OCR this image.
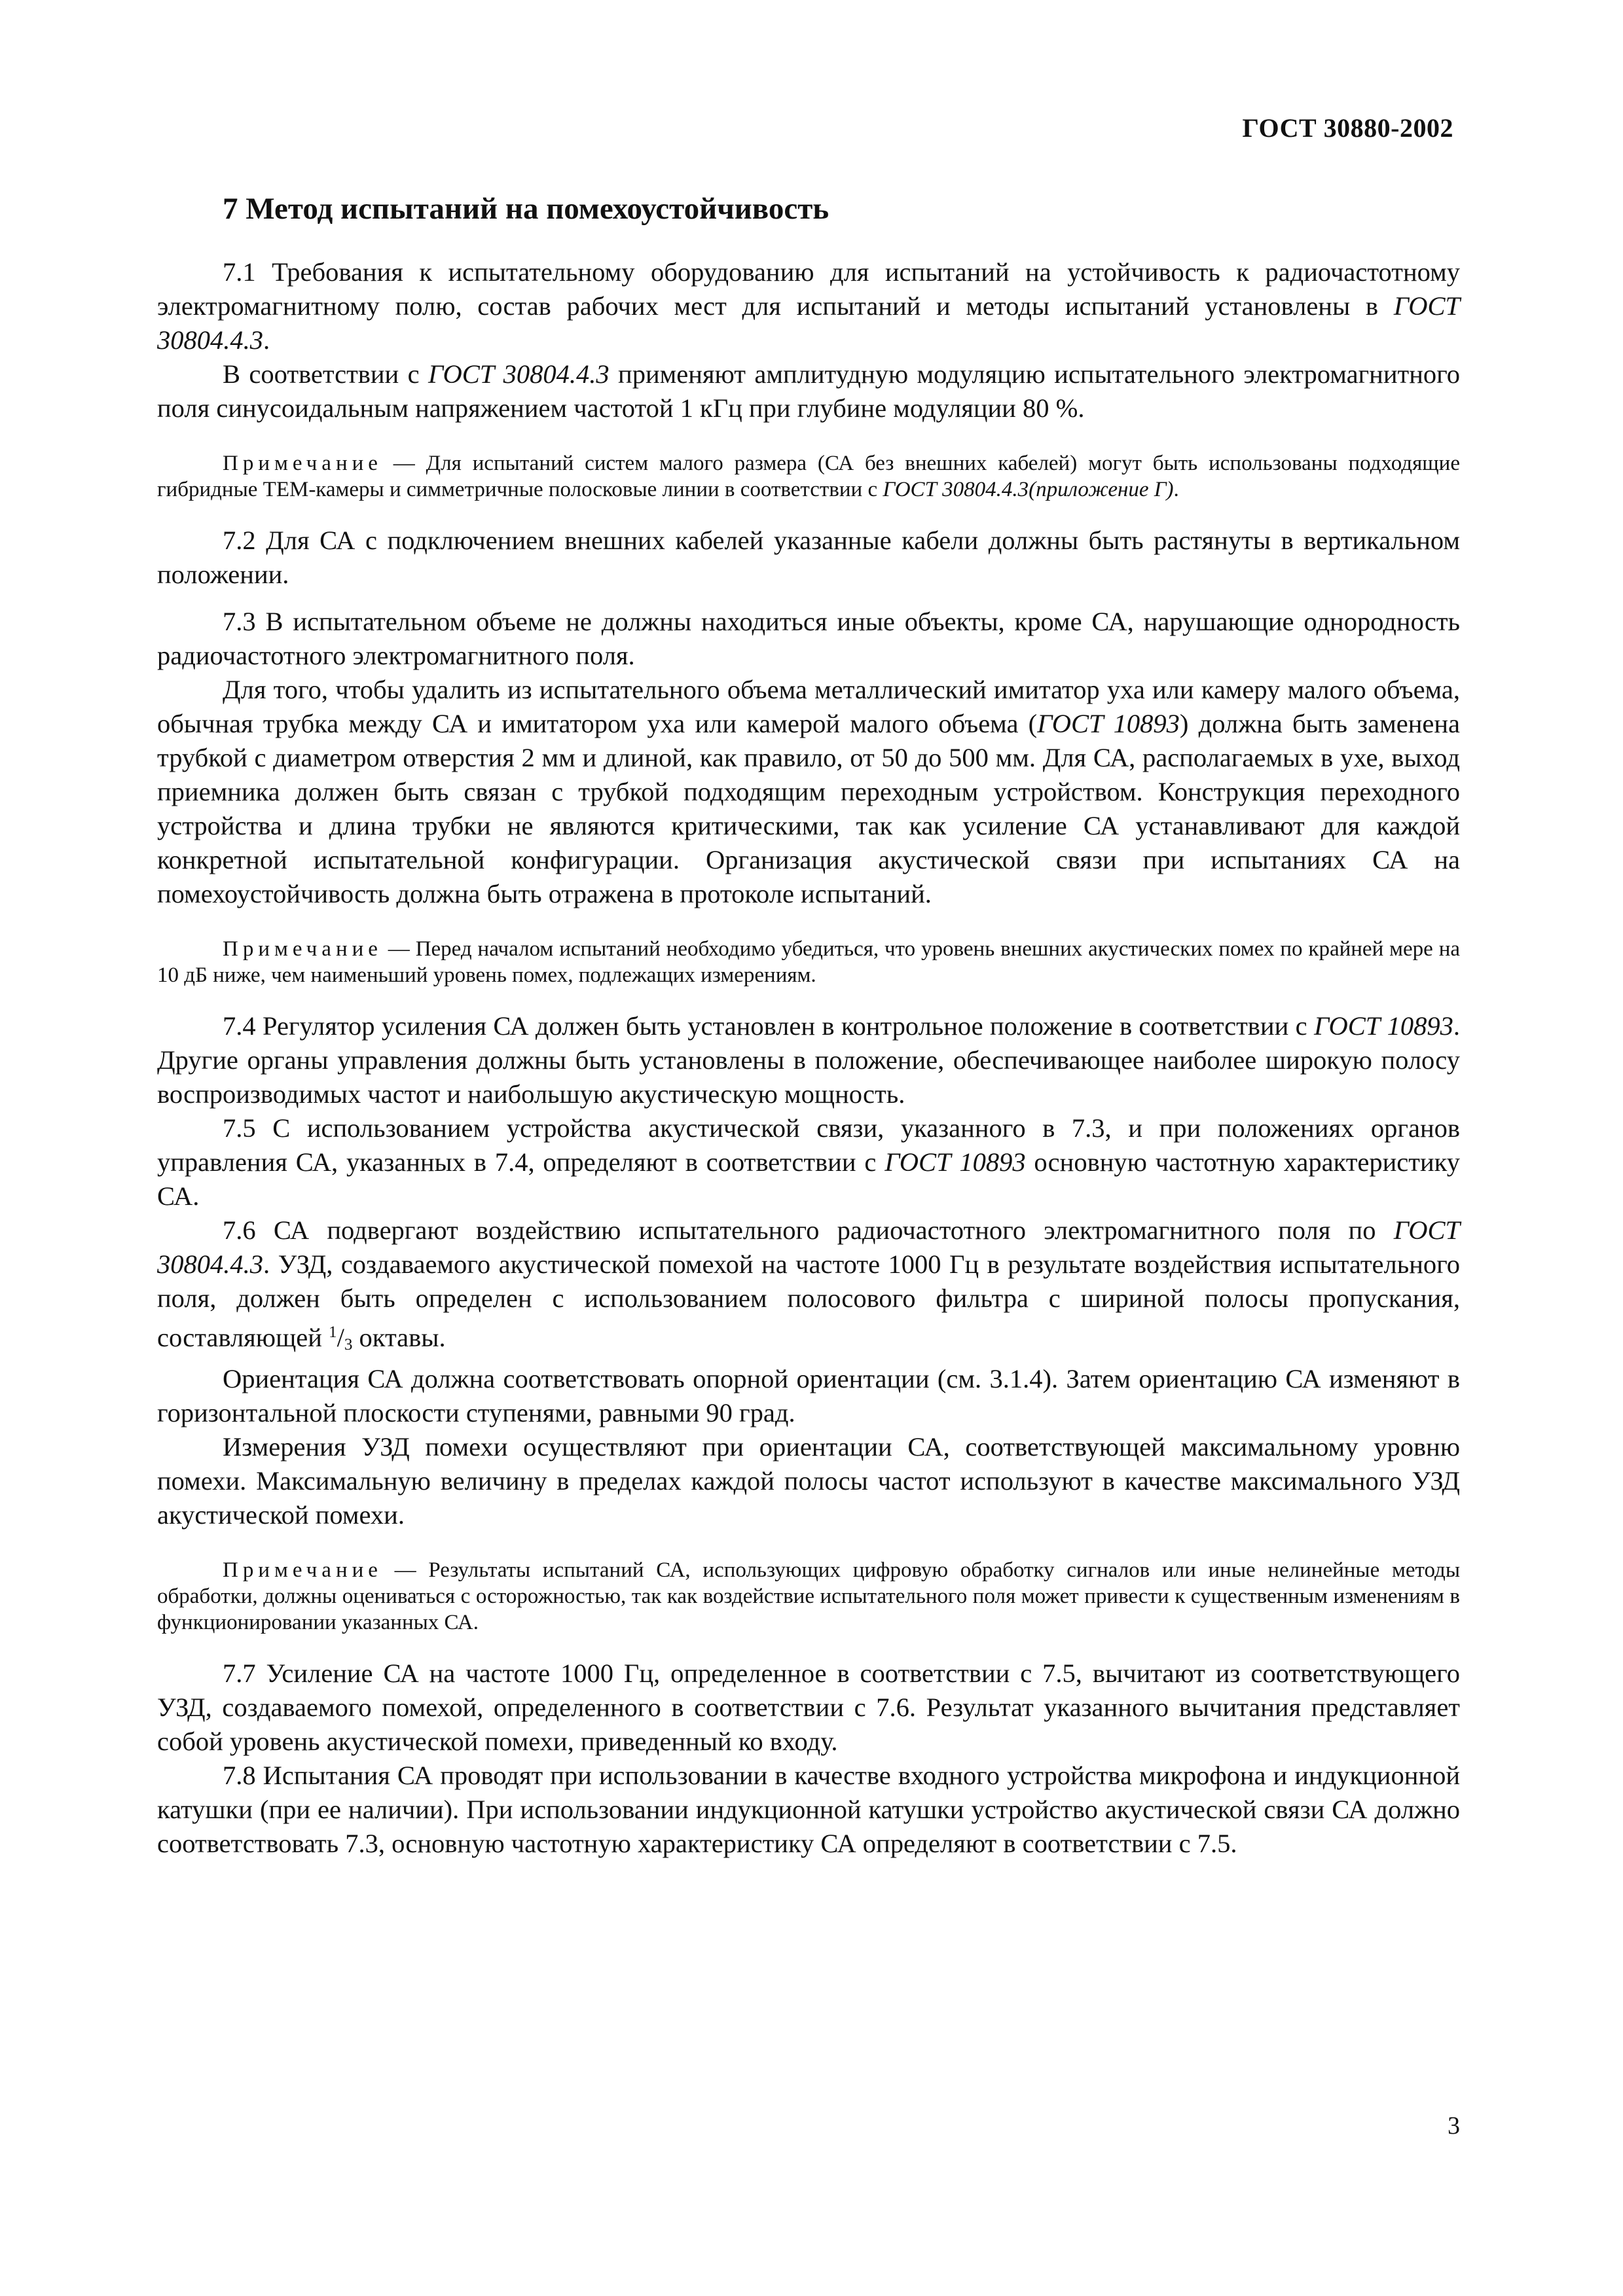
ГОСТ 30880-2002
7 Метод испытаний на помехоустойчивость

7.1 Требования к испытательному оборудованию для испытаний на устойчивость к радиочастотному электромагнитному полю, состав рабочих мест для испытаний и методы испытаний установлены в ГОСТ 30804.4.3.

В соответствии с ГОСТ 30804.4.3 применяют амплитудную модуляцию испытательного электромагнитного поля синусоидальным напряжением частотой 1 кГц при глубине модуляции 80 %.

Примечание — Для испытаний систем малого размера (СА без внешних кабелей) могут быть использованы подходящие гибридные ТЕМ-камеры и симметричные полосковые линии в соответствии с ГОСТ 30804.4.3(приложение Г).

7.2 Для СА с подключением внешних кабелей указанные кабели должны быть растянуты в вертикальном положении.

7.3 В испытательном объеме не должны находиться иные объекты, кроме СА, нарушающие однородность радиочастотного электромагнитного поля.

Для того, чтобы удалить из испытательного объема металлический имитатор уха или камеру малого объема, обычная трубка между СА и имитатором уха или камерой малого объема (ГОСТ 10893) должна быть заменена трубкой с диаметром отверстия 2 мм и длиной, как правило, от 50 до 500 мм. Для СА, располагаемых в ухе, выход приемника должен быть связан с трубкой подходящим переходным устройством. Конструкция переходного устройства и длина трубки не являются критическими, так как усиление СА устанавливают для каждой конкретной испытательной конфигурации. Организация акустической связи при испытаниях СА на помехоустойчивость должна быть отражена в протоколе испытаний.

Примечание — Перед началом испытаний необходимо убедиться, что уровень внешних акустических помех по крайней мере на 10 дБ ниже, чем наименьший уровень помех, подлежащих измерениям.

7.4 Регулятор усиления СА должен быть установлен в контрольное положение в соответствии с ГОСТ 10893. Другие органы управления должны быть установлены в положение, обеспечивающее наиболее широкую полосу воспроизводимых частот и наибольшую акустическую мощность.

7.5 С использованием устройства акустической связи, указанного в 7.3, и при положениях органов управления СА, указанных в 7.4, определяют в соответствии с ГОСТ 10893 основную частотную характеристику СА.

7.6 СА подвергают воздействию испытательного радиочастотного электромагнитного поля по ГОСТ 30804.4.3. УЗД, создаваемого акустической помехой на частоте 1000 Гц в результате воздействия испытательного поля, должен быть определен с использованием полосового фильтра с шириной полосы пропускания, составляющей $^1/_3$ октавы.

Ориентация СА должна соответствовать опорной ориентации (см. 3.1.4). Затем ориентацию СА изменяют в горизонтальной плоскости ступенями, равными 90 град.

Измерения УЗД помехи осуществляют при ориентации СА, соответствующей максимальному уровню помехи. Максимальную величину в пределах каждой полосы частот используют в качестве максимального УЗД акустической помехи.

Примечание — Результаты испытаний СА, использующих цифровую обработку сигналов или иные нелинейные методы обработки, должны оцениваться с осторожностью, так как воздействие испытательного поля может привести к существенным изменениям в функционировании указанных СА.

7.7 Усиление СА на частоте 1000 Гц, определенное в соответствии с 7.5, вычитают из соответствующего УЗД, создаваемого помехой, определенного в соответствии с 7.6. Результат указанного вычитания представляет собой уровень акустической помехи, приведенный ко входу.

7.8 Испытания СА проводят при использовании в качестве входного устройства микрофона и индукционной катушки (при ее наличии). При использовании индукционной катушки устройство акустической связи СА должно соответствовать 7.3, основную частотную характеристику СА определяют в соответствии с 7.5.

3
